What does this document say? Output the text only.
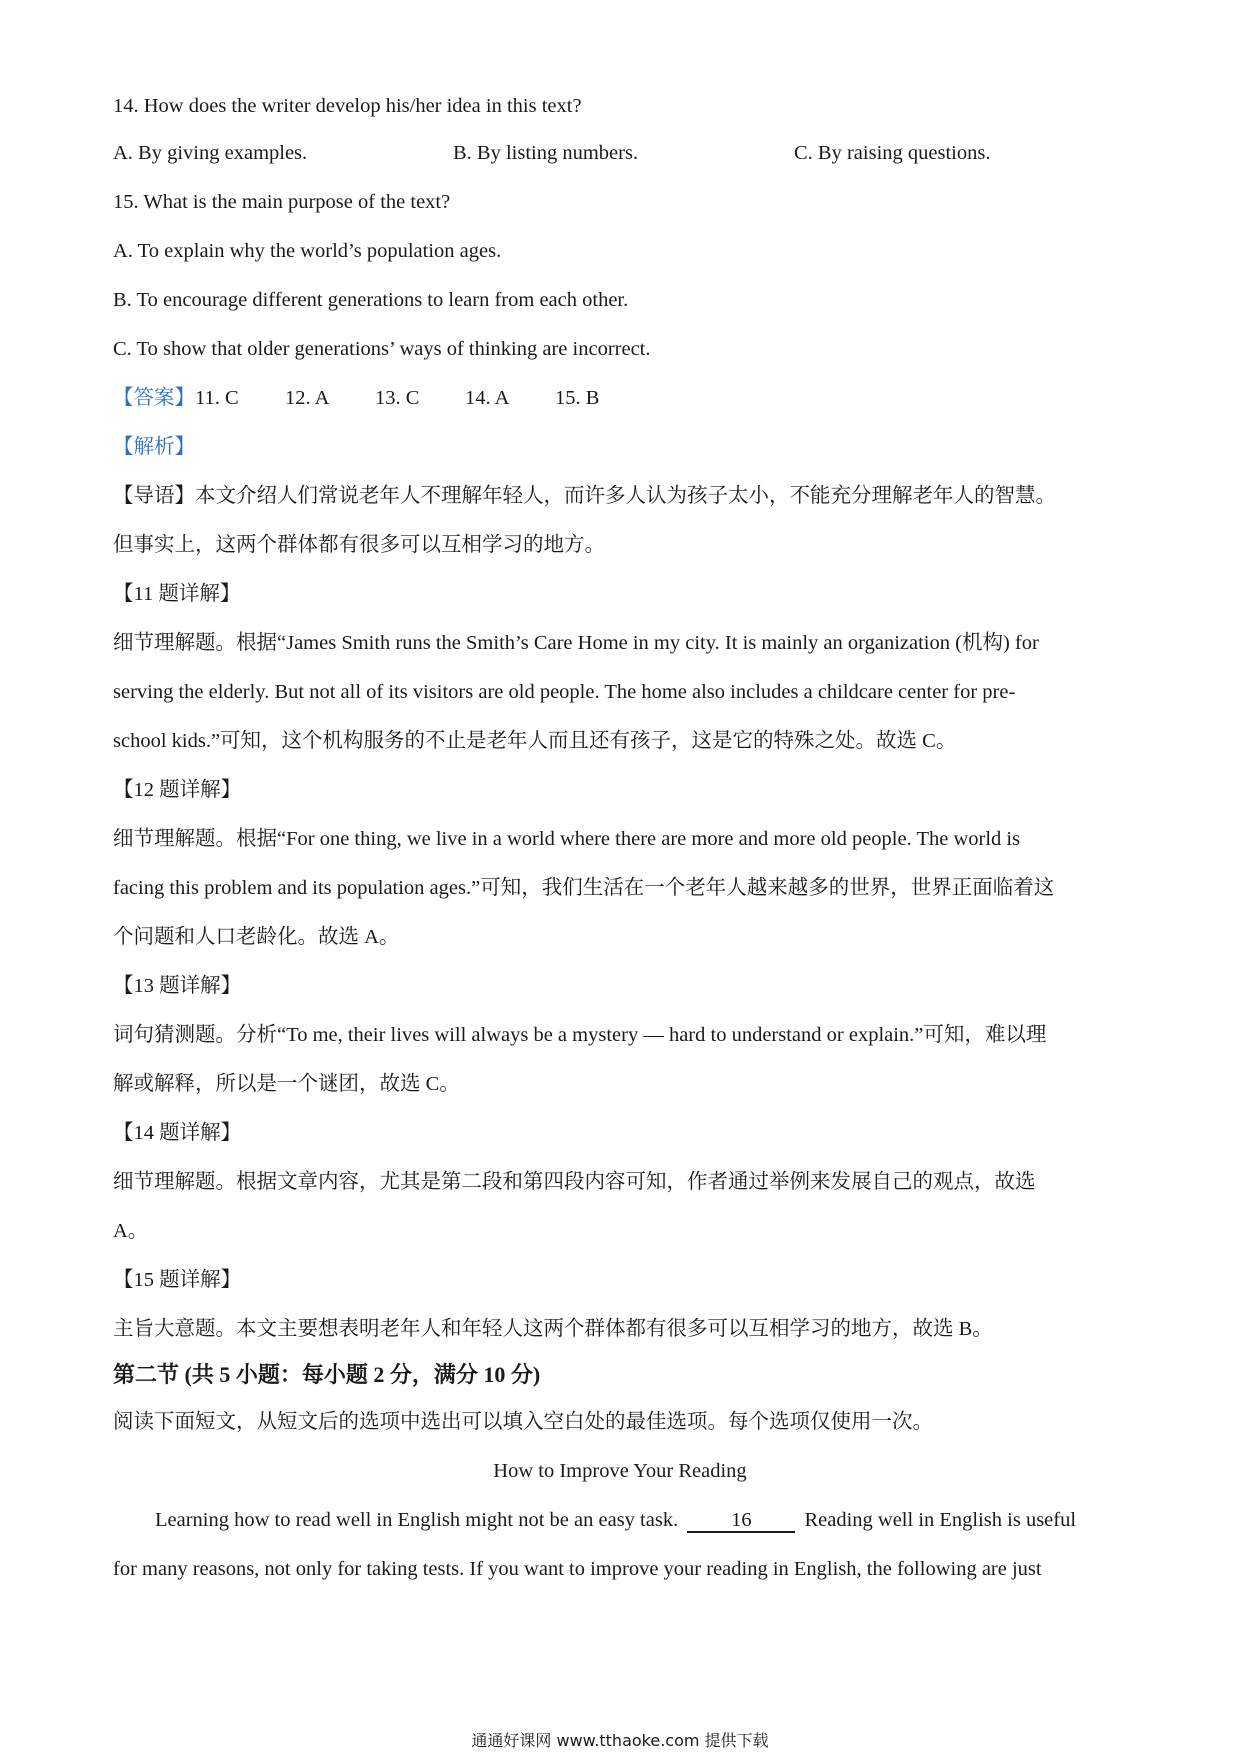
14. How does the writer develop his/her idea in this text?
A. By giving examples.	B. By listing numbers.	C. By raising questions.
15. What is the main purpose of the text?
A. To explain why the world’s population ages.
B. To encourage different generations to learn from each other.
C. To show that older generations’ ways of thinking are incorrect.
【答案】11. C 12. A 13. C 14. A 15. B
【解析】
【导语】本文介绍人们常说老年人不理解年轻人，而许多人认为孩子太小，不能充分理解老年人的智慧。
但事实上，这两个群体都有很多可以互相学习的地方。
【11 题详解】
细节理解题。根据“James Smith runs the Smith’s Care Home in my city. It is mainly an organization (机构) for
serving the elderly. But not all of its visitors are old people. The home also includes a childcare center for pre-
school kids.”可知，这个机构服务的不止是老年人而且还有孩子，这是它的特殊之处。故选 C。
【12 题详解】
细节理解题。根据“For one thing, we live in a world where there are more and more old people. The world is
facing this problem and its population ages.”可知，我们生活在一个老年人越来越多的世界，世界正面临着这
个问题和人口老龄化。故选 A。
【13 题详解】
词句猜测题。分析“To me, their lives will always be a mystery — hard to understand or explain.”可知，难以理
解或解释，所以是一个谜团，故选 C。
【14 题详解】
细节理解题。根据文章内容，尤其是第二段和第四段内容可知，作者通过举例来发展自己的观点，故选
A。
【15 题详解】
主旨大意题。本文主要想表明老年人和年轻人这两个群体都有很多可以互相学习的地方，故选 B。
第二节 (共 5 小题：每小题 2 分，满分 10 分)
阅读下面短文，从短文后的选项中选出可以填入空白处的最佳选项。每个选项仅使用一次。
How to Improve Your Reading
Learning how to read well in English might not be an easy task.	16	Reading well in English is useful
for many reasons, not only for taking tests. If you want to improve your reading in English, the following are just
通通好课网 www.tthaoke.com 提供下载
